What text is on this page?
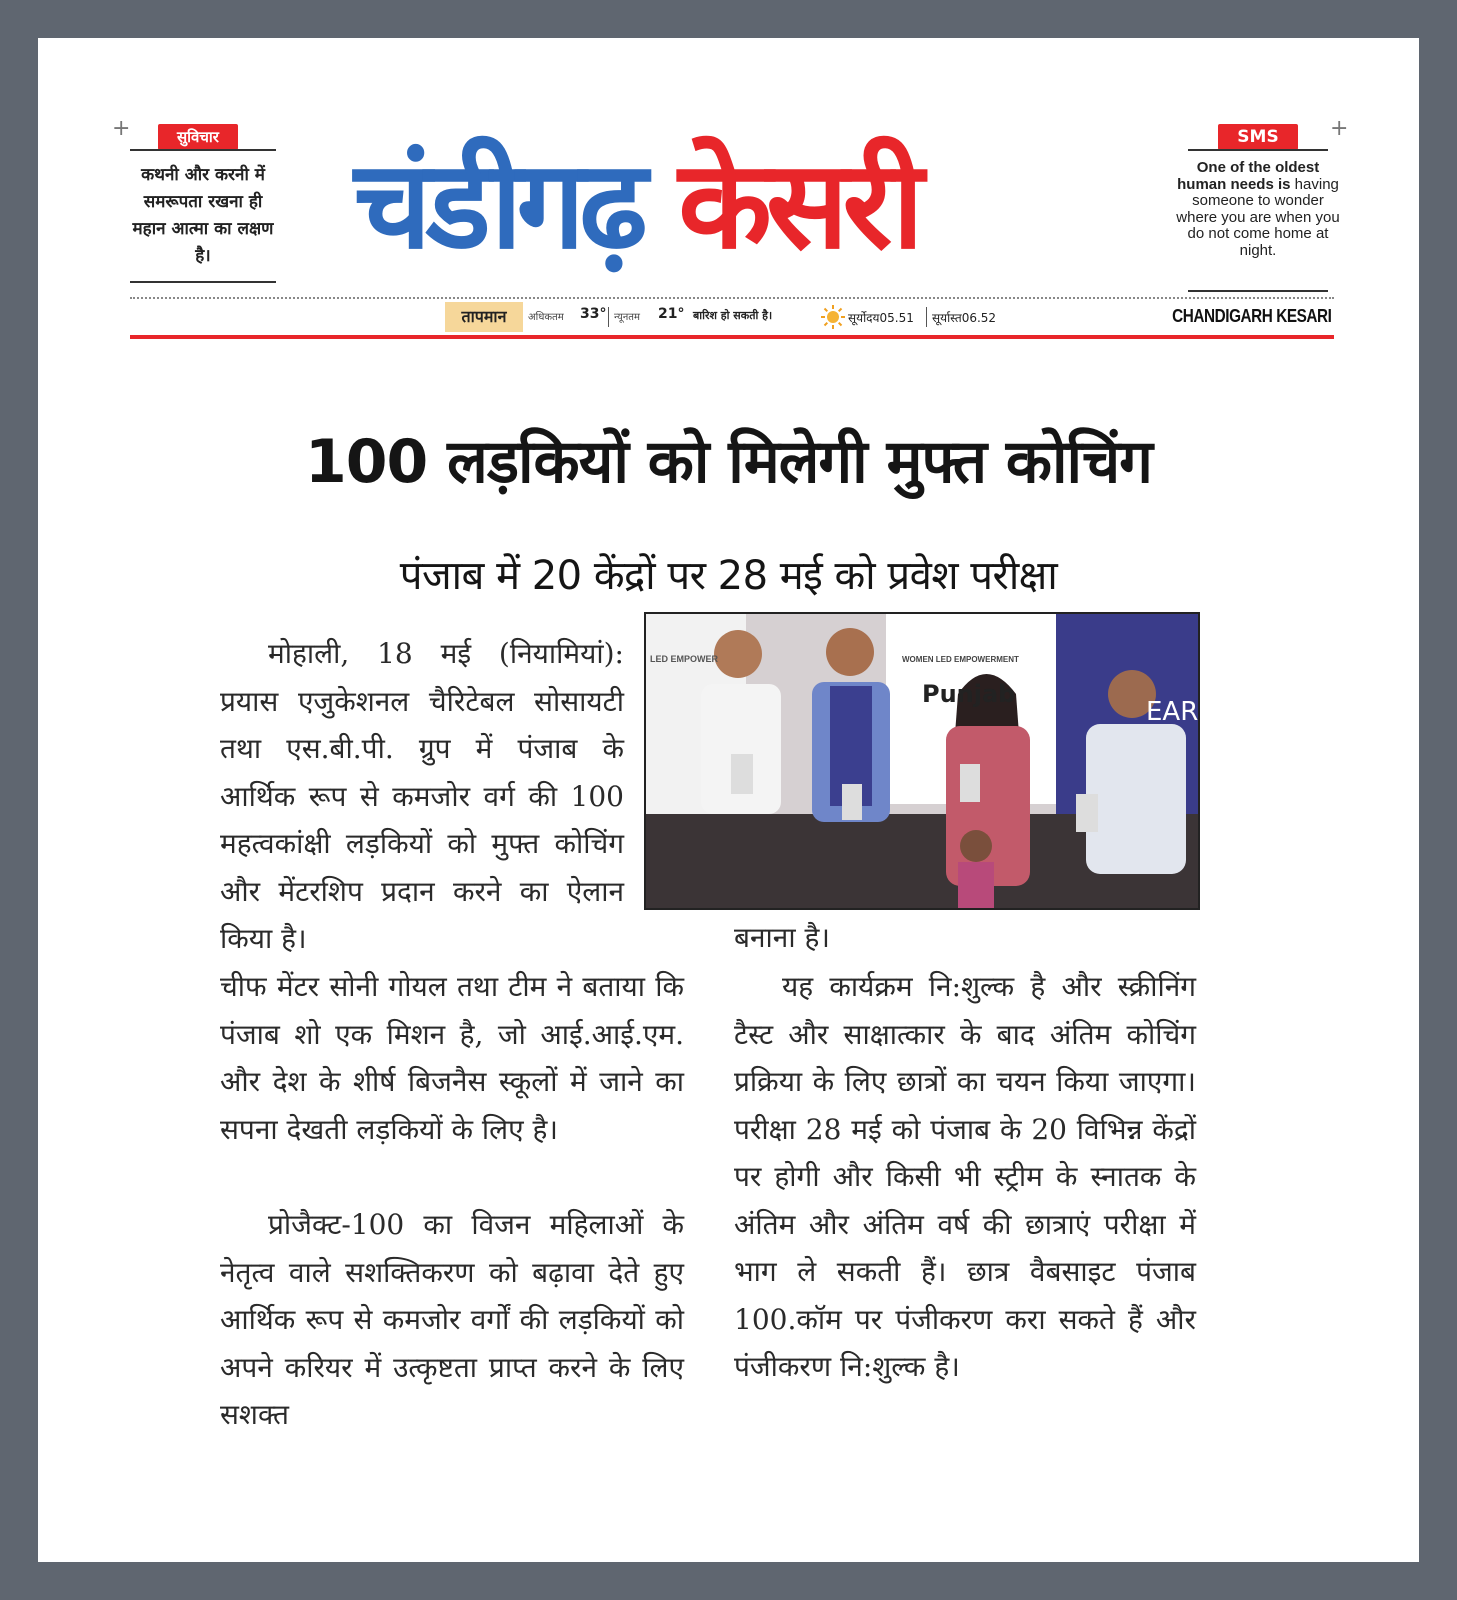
+	+
सुविचार
कथनी और करनी में समरूपता रखना ही महान आत्मा का लक्षण है।	चंडीगढ़ केसरी	SMS
One of the oldest human needs is having someone to wonder where you are when you do not come home at night.
तापमान	अधिकतम 33° न्यूनतम 21° बारिश हो सकती है।	सूर्योदय05.51 सूर्यास्त06.52	CHANDIGARH KESARI
100 लड़कियों को मिलेगी मुफ्त कोचिंग
पंजाब में 20 केंद्रों पर 28 मई को प्रवेश परीक्षा

मोहाली, 18 मई (नियामियां): प्रयास एजुकेशनल चैरिटेबल सोसायटी तथा एस.बी.पी. ग्रुप में पंजाब के आर्थिक रूप से कमजोर वर्ग की 100 महत्वकांक्षी लड़कियों को मुफ्त कोचिंग और मेंटरशिप प्रदान करने का ऐलान किया है।

चीफ मेंटर सोनी गोयल तथा टीम ने बताया कि पंजाब शो एक मिशन है, जो आई.आई.एम. और देश के शीर्ष बिजनैस स्कूलों में जाने का सपना देखती लड़कियों के लिए है।

प्रोजैक्ट-100 का विजन महिलाओं के नेतृत्व वाले सशक्तिकरण को बढ़ावा देते हुए आर्थिक रूप से कमजोर वर्गों की लड़कियों को अपने करियर में उत्कृष्टता प्राप्त करने के लिए सशक्त

LED EMPOWER	WOMEN LED EMPOWERMENT
Punjab
EAR

बनाना है।

यह कार्यक्रम नि:शुल्क है और स्क्रीनिंग टैस्ट और साक्षात्कार के बाद अंतिम कोचिंग प्रक्रिया के लिए छात्रों का चयन किया जाएगा। परीक्षा 28 मई को पंजाब के 20 विभिन्न केंद्रों पर होगी और किसी भी स्ट्रीम के स्नातक के अंतिम और अंतिम वर्ष की छात्राएं परीक्षा में भाग ले सकती हैं। छात्र वैबसाइट पंजाब 100.कॉम पर पंजीकरण करा सकते हैं और पंजीकरण नि:शुल्क है।
